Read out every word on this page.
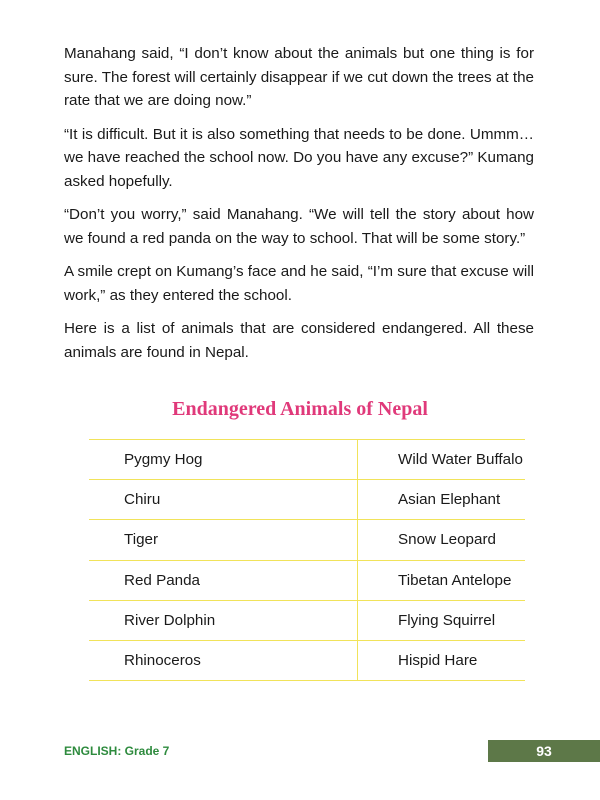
Manahang said, “I don’t know about the animals but one thing is for sure. The forest will certainly disappear if we cut down the trees at the rate that we are doing now.”

“It is difficult. But it is also something that needs to be done. Ummm… we have reached the school now. Do you have any excuse?” Kumang asked hopefully.

“Don’t you worry,” said Manahang. “We will tell the story about how we found a red panda on the way to school. That will be some story.”

A smile crept on Kumang’s face and he said, “I’m sure that excuse will work,” as they entered the school.

Here is a list of animals that are considered endangered. All these animals are found in Nepal.

Endangered Animals of Nepal
Pygmy Hog	Wild Water Buffalo
Chiru	Asian Elephant
Tiger	Snow Leopard
Red Panda	Tibetan Antelope
River Dolphin	Flying Squirrel
Rhinoceros	Hispid Hare

ENGLISH: Grade 7	93
